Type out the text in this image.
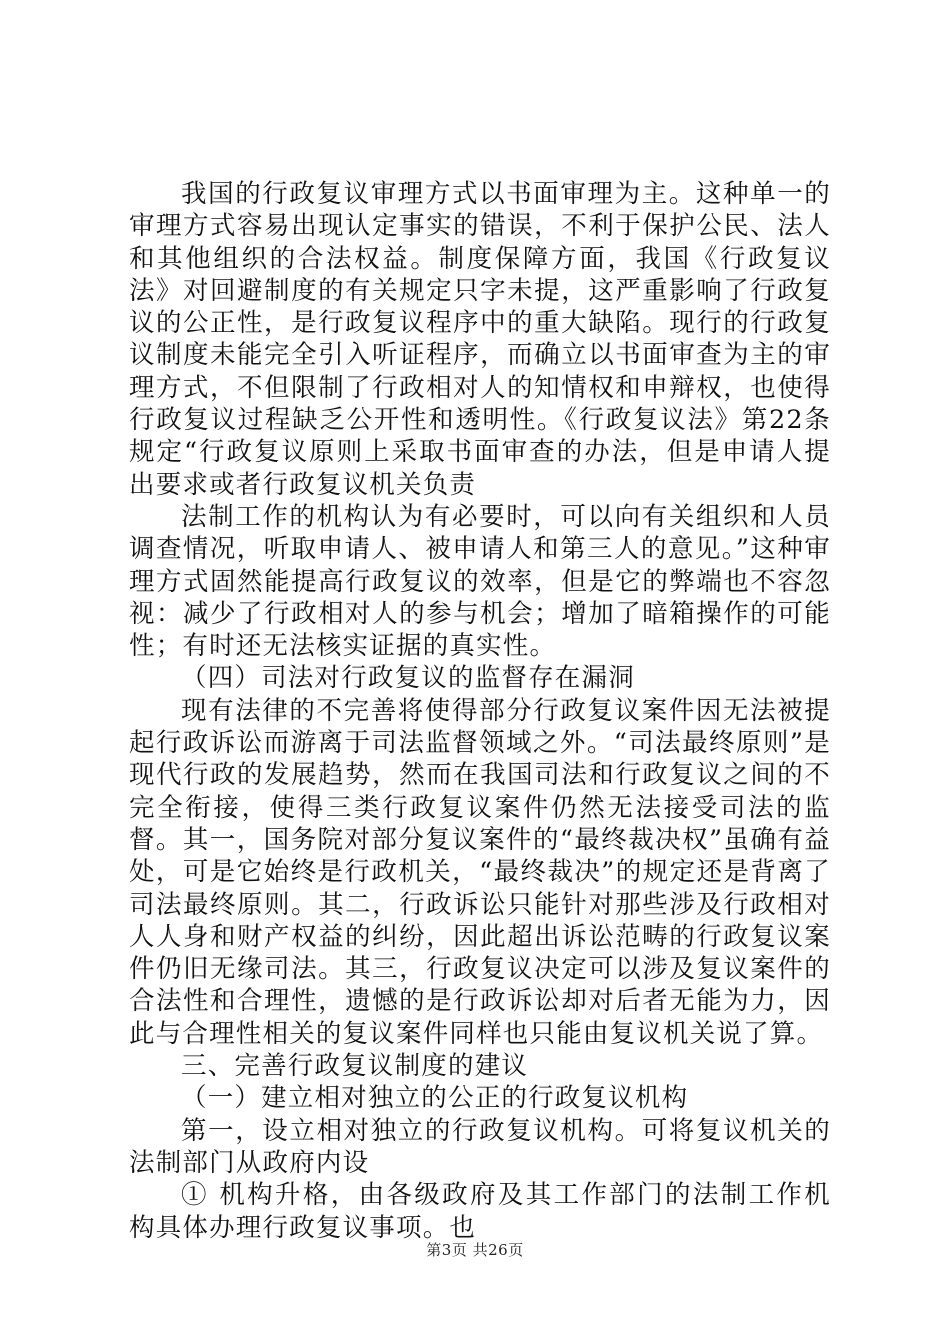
我国的行政复议审理方式以书面审理为主。这种单一的审理方式容易出现认定事实的错误，不利于保护公民、法人和其他组织的合法权益。制度保障方面，我国《行政复议法》对回避制度的有关规定只字未提，这严重影响了行政复议的公正性，是行政复议程序中的重大缺陷。现行的行政复议制度未能完全引入听证程序，而确立以书面审查为主的审理方式，不但限制了行政相对人的知情权和申辩权，也使得行政复议过程缺乏公开性和透明性。《行政复议法》第22条规定“行政复议原则上采取书面审查的办法，但是申请人提出要求或者行政复议机关负责

法制工作的机构认为有必要时，可以向有关组织和人员调查情况，听取申请人、被申请人和第三人的意见。”这种审理方式固然能提高行政复议的效率，但是它的弊端也不容忽视：减少了行政相对人的参与机会；增加了暗箱操作的可能性；有时还无法核实证据的真实性。

（四）司法对行政复议的监督存在漏洞

现有法律的不完善将使得部分行政复议案件因无法被提起行政诉讼而游离于司法监督领域之外。“司法最终原则”是现代行政的发展趋势，然而在我国司法和行政复议之间的不完全衔接，使得三类行政复议案件仍然无法接受司法的监督。其一，国务院对部分复议案件的“最终裁决权”虽确有益处，可是它始终是行政机关，“最终裁决”的规定还是背离了司法最终原则。其二，行政诉讼只能针对那些涉及行政相对人人身和财产权益的纠纷，因此超出诉讼范畴的行政复议案件仍旧无缘司法。其三，行政复议决定可以涉及复议案件的合法性和合理性，遗憾的是行政诉讼却对后者无能为力，因此与合理性相关的复议案件同样也只能由复议机关说了算。

三、完善行政复议制度的建议

（一）建立相对独立的公正的行政复议机构

第一，设立相对独立的行政复议机构。可将复议机关的法制部门从政府内设

① 机构升格，由各级政府及其工作部门的法制工作机构具体办理行政复议事项。也

第3页 共26页
